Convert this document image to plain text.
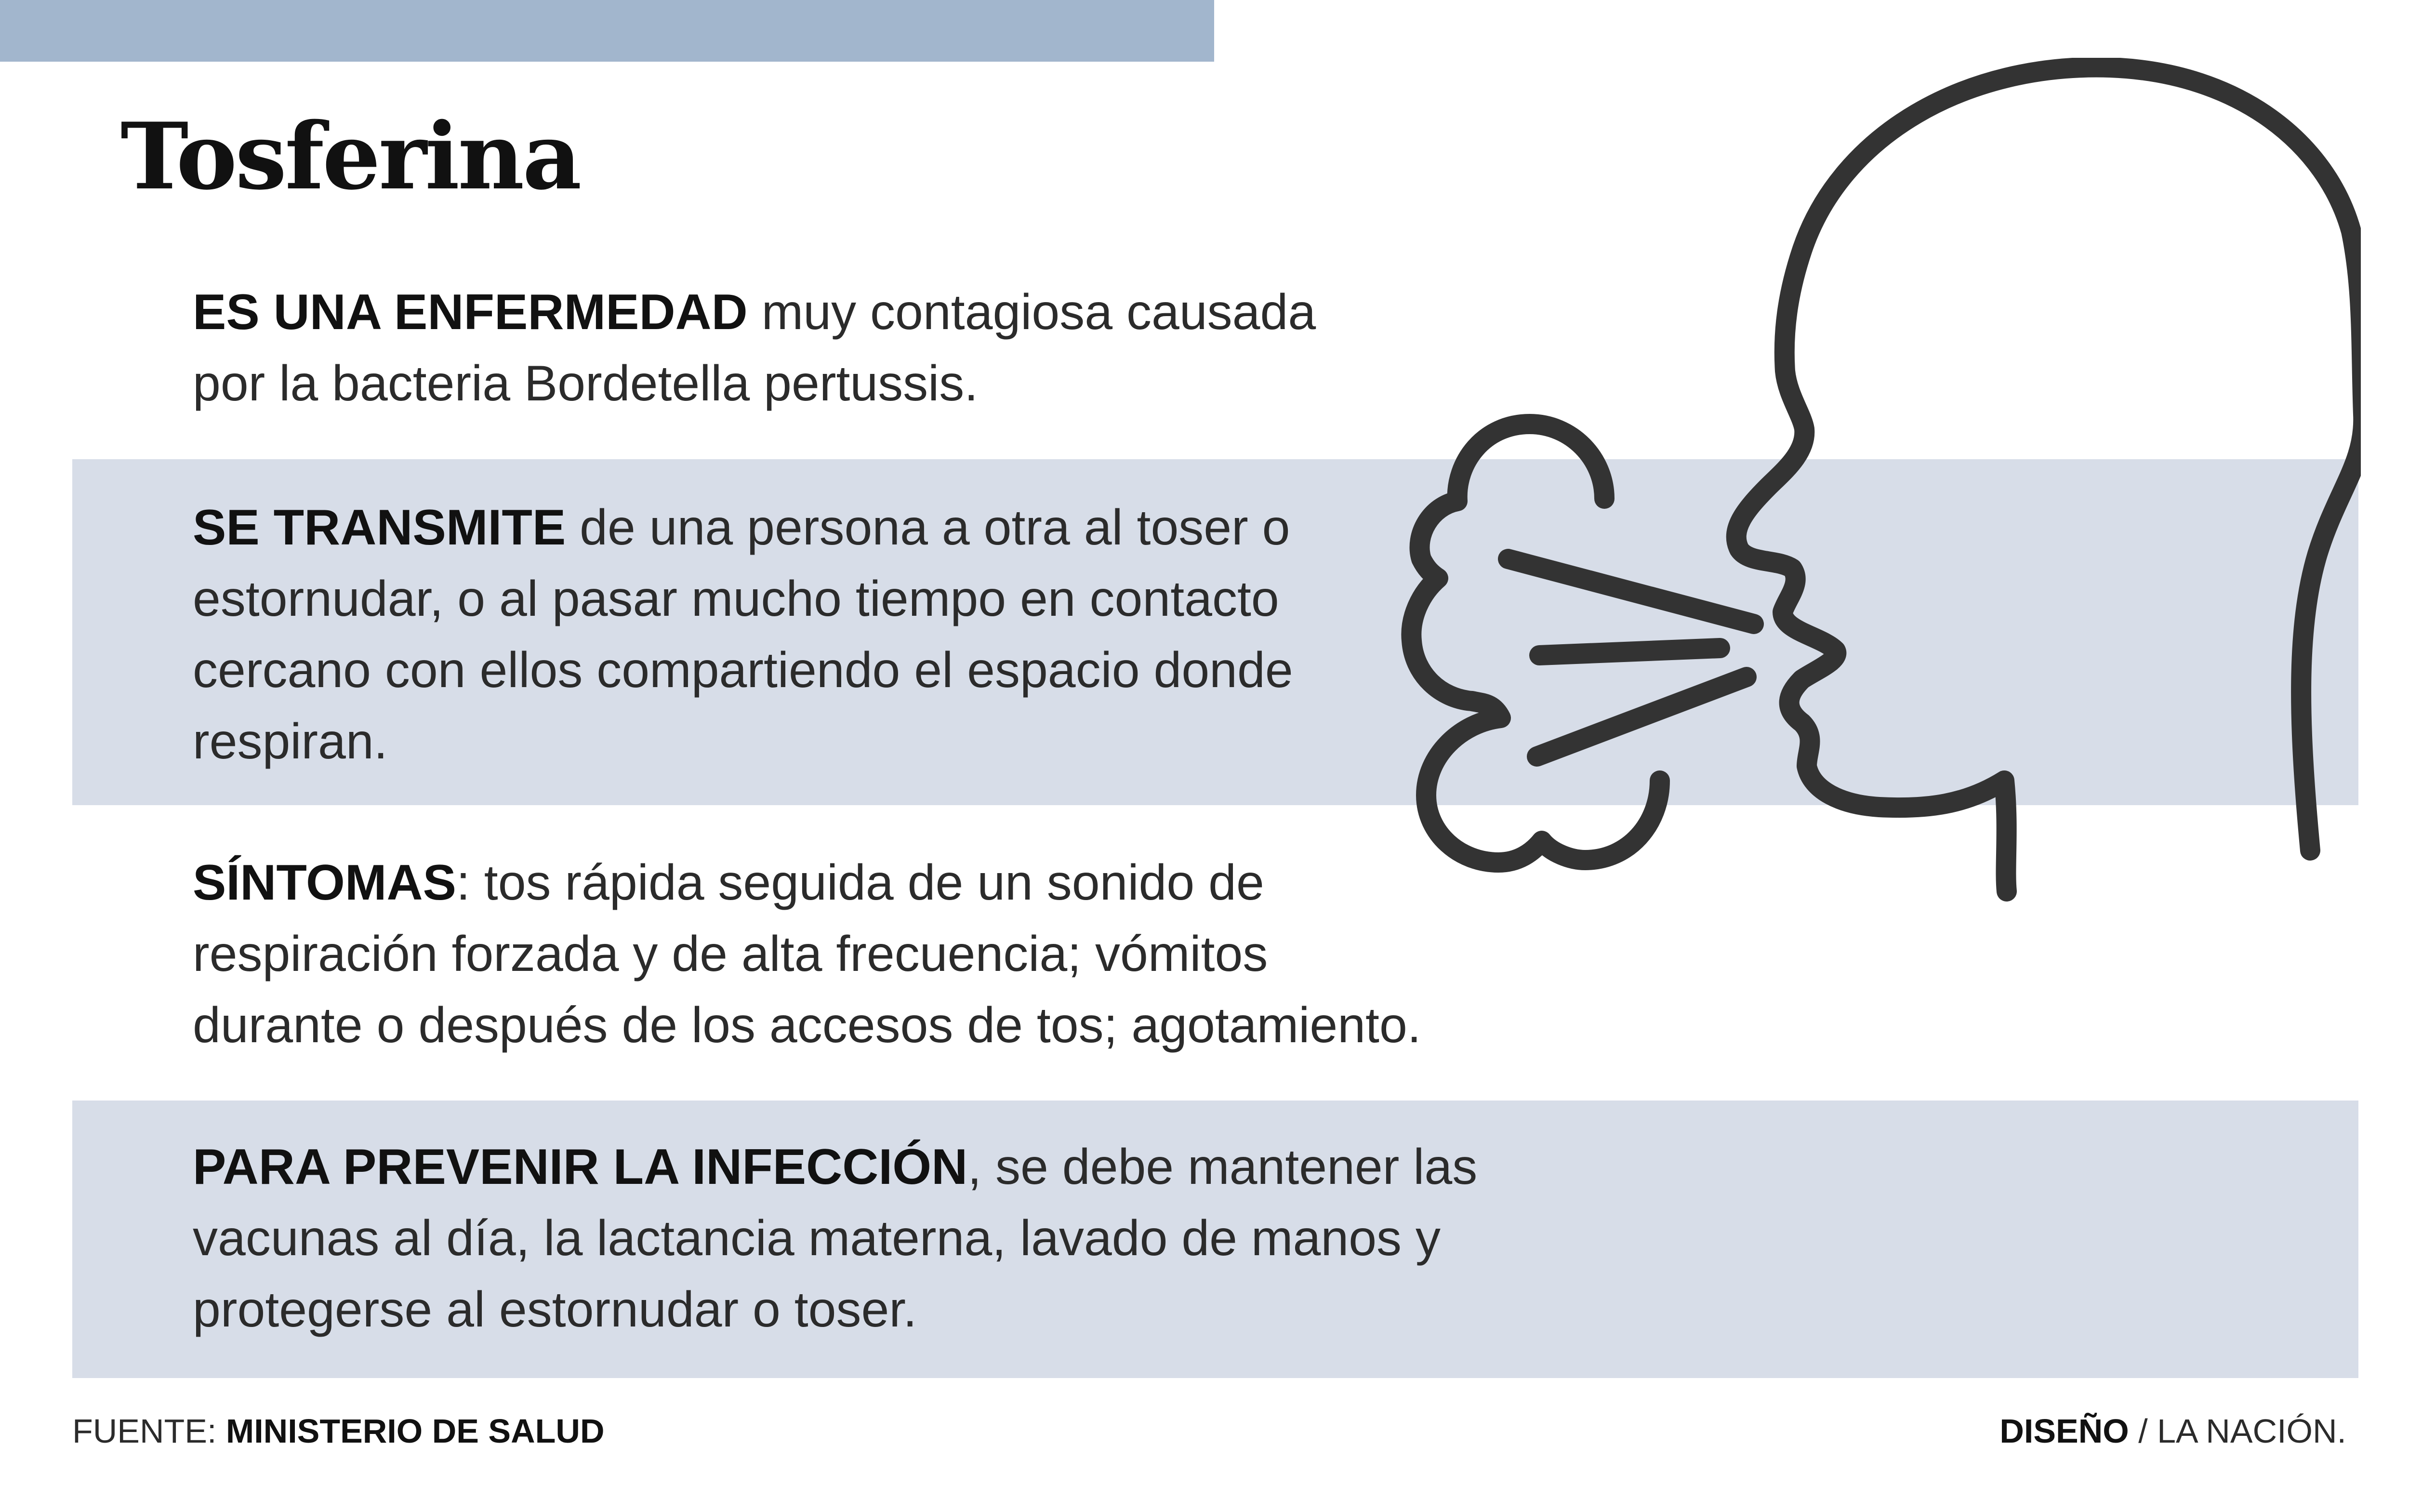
Tosferina

ES UNA ENFERMEDAD muy contagiosa causada
por la bacteria Bordetella pertussis.

SE TRANSMITE de una persona a otra al toser o
estornudar, o al pasar mucho tiempo en contacto
cercano con ellos compartiendo el espacio donde
respiran.

SÍNTOMAS: tos rápida seguida de un sonido de
respiración forzada y de alta frecuencia; vómitos
durante o después de los accesos de tos; agotamiento.

PARA PREVENIR LA INFECCIÓN, se debe mantener las
vacunas al día, la lactancia materna, lavado de manos y
protegerse al estornudar o toser.

FUENTE: MINISTERIO DE SALUD	DISEÑO / LA NACIÓN.
